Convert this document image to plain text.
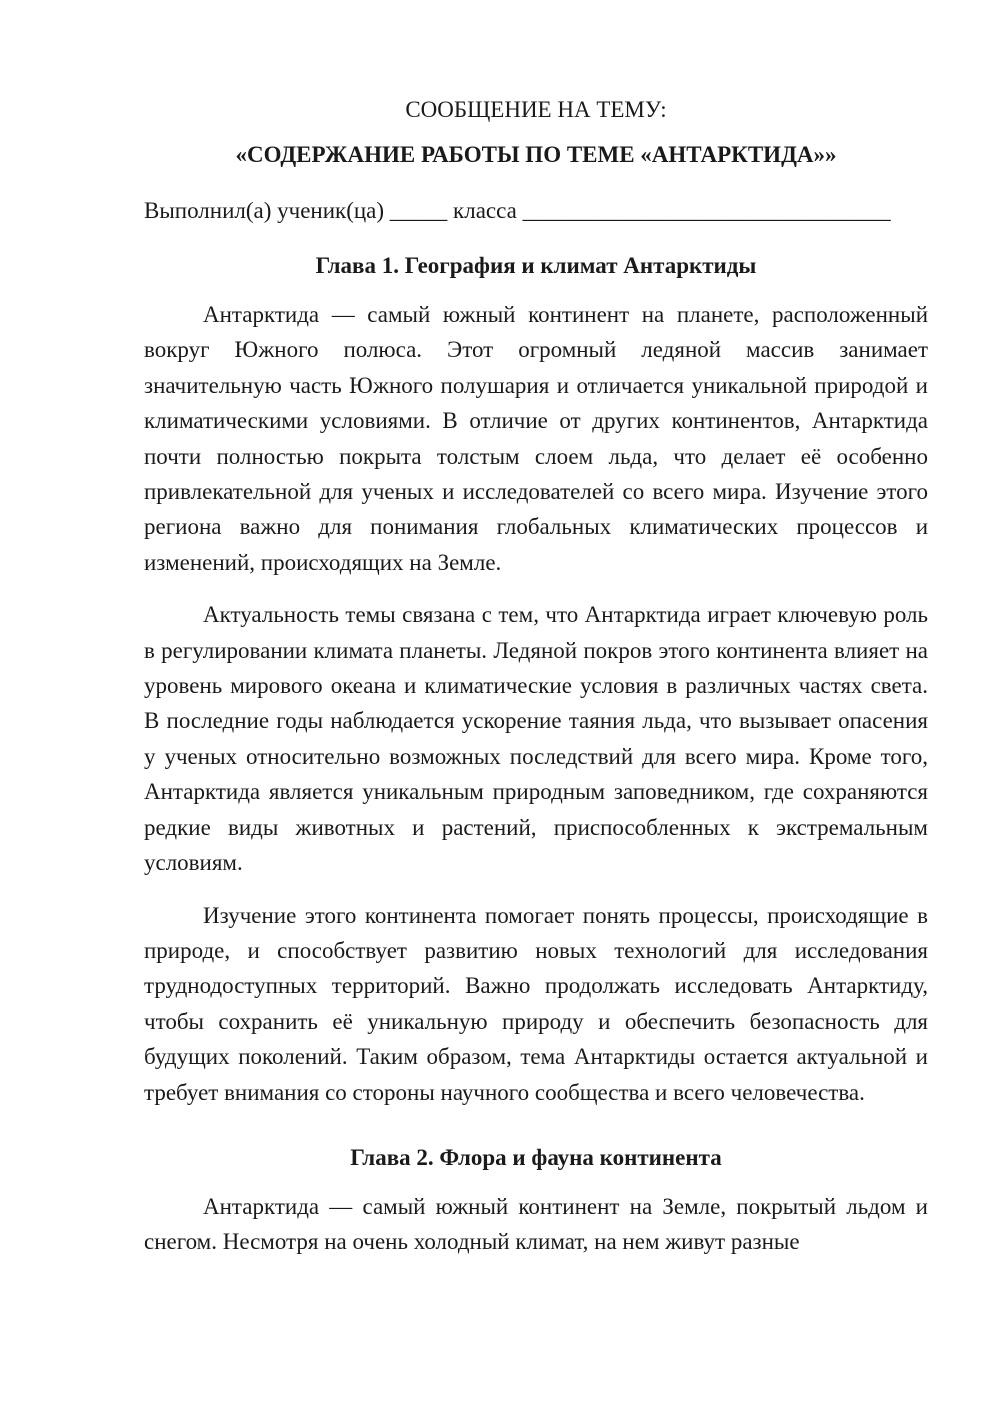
СООБЩЕНИЕ НА ТЕМУ:
«СОДЕРЖАНИЕ РАБОТЫ ПО ТЕМЕ «АНТАРКТИДА»»

Выполнил(а) ученик(ца) _____ класса ________________________________

Глава 1. География и климат Антарктиды

Антарктида — самый южный континент на планете, расположенный вокруг Южного полюса. Этот огромный ледяной массив занимает значительную часть Южного полушария и отличается уникальной природой и климатическими условиями. В отличие от других континентов, Антарктида почти полностью покрыта толстым слоем льда, что делает её особенно привлекательной для ученых и исследователей со всего мира. Изучение этого региона важно для понимания глобальных климатических процессов и изменений, происходящих на Земле.

Актуальность темы связана с тем, что Антарктида играет ключевую роль в регулировании климата планеты. Ледяной покров этого континента влияет на уровень мирового океана и климатические условия в различных частях света. В последние годы наблюдается ускорение таяния льда, что вызывает опасения у ученых относительно возможных последствий для всего мира. Кроме того, Антарктида является уникальным природным заповедником, где сохраняются редкие виды животных и растений, приспособленных к экстремальным условиям.

Изучение этого континента помогает понять процессы, происходящие в природе, и способствует развитию новых технологий для исследования труднодоступных территорий. Важно продолжать исследовать Антарктиду, чтобы сохранить её уникальную природу и обеспечить безопасность для будущих поколений. Таким образом, тема Антарктиды остается актуальной и требует внимания со стороны научного сообщества и всего человечества.

Глава 2. Флора и фауна континента

Антарктида — самый южный континент на Земле, покрытый льдом и снегом. Несмотря на очень холодный климат, на нем живут разные
